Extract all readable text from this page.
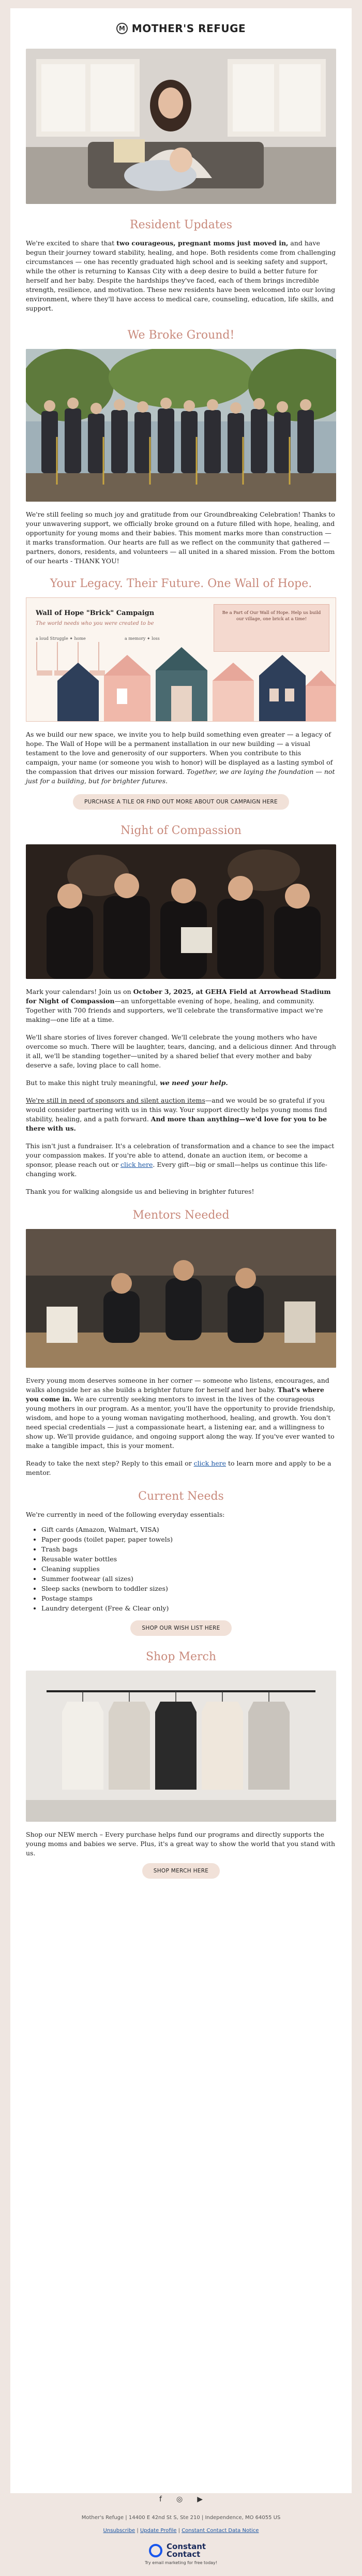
M MOTHER'S REFUGE
Resident Updates

We're excited to share that two courageous, pregnant moms just moved in, and have begun their journey toward stability, healing, and hope. Both residents come from challenging circumstances — one has recently graduated high school and is seeking safety and support, while the other is returning to Kansas City with a deep desire to build a better future for herself and her baby. Despite the hardships they've faced, each of them brings incredible strength, resilience, and motivation. These new residents have been welcomed into our loving environment, where they'll have access to medical care, counseling, education, life skills, and support.

We Broke Ground!

We're still feeling so much joy and gratitude from our Groundbreaking Celebration! Thanks to your unwavering support, we officially broke ground on a future filled with hope, healing, and opportunity for young moms and their babies. This moment marks more than construction — it marks transformation. Our hearts are full as we reflect on the community that gathered — partners, donors, residents, and volunteers — all united in a shared mission. From the bottom of our hearts - THANK YOU!

Your Legacy. Their Future. One Wall of Hope.
Wall of Hope "Brick" Campaign
The world needs who you were created to be
a loud Struggle ✦ home	a memory ✦ loss
Be a Part of Our Wall of Hope. Help us build our village, one brick at a time!

As we build our new space, we invite you to help build something even greater — a legacy of hope. The Wall of Hope will be a permanent installation in our new building — a visual testament to the love and generosity of our supporters. When you contribute to this campaign, your name (or someone you wish to honor) will be displayed as a lasting symbol of the compassion that drives our mission forward. Together, we are laying the foundation — not just for a building, but for brighter futures.

PURCHASE A TILE OR FIND OUT MORE ABOUT OUR CAMPAIGN HERE
Night of Compassion

Mark your calendars! Join us on October 3, 2025, at GEHA Field at Arrowhead Stadium for Night of Compassion—an unforgettable evening of hope, healing, and community. Together with 700 friends and supporters, we'll celebrate the transformative impact we're making—one life at a time.

We'll share stories of lives forever changed. We'll celebrate the young mothers who have overcome so much. There will be laughter, tears, dancing, and a delicious dinner. And through it all, we'll be standing together—united by a shared belief that every mother and baby deserve a safe, loving place to call home.

But to make this night truly meaningful, we need your help.

We're still in need of sponsors and silent auction items—and we would be so grateful if you would consider partnering with us in this way. Your support directly helps young moms find stability, healing, and a path forward. And more than anything—we'd love for you to be there with us.

This isn't just a fundraiser. It's a celebration of transformation and a chance to see the impact your compassion makes. If you're able to attend, donate an auction item, or become a sponsor, please reach out or click here. Every gift—big or small—helps us continue this life-changing work.

Thank you for walking alongside us and believing in brighter futures!

Mentors Needed

Every young mom deserves someone in her corner — someone who listens, encourages, and walks alongside her as she builds a brighter future for herself and her baby. That's where you come in. We are currently seeking mentors to invest in the lives of the courageous young mothers in our program. As a mentor, you'll have the opportunity to provide friendship, wisdom, and hope to a young woman navigating motherhood, healing, and growth. You don't need special credentials — just a compassionate heart, a listening ear, and a willingness to show up. We'll provide guidance, and ongoing support along the way. If you've ever wanted to make a tangible impact, this is your moment.

Ready to take the next step? Reply to this email or click here to learn more and apply to be a mentor.

Current Needs

We're currently in need of the following everyday essentials:

• Gift cards (Amazon, Walmart, VISA)
• Paper goods (toilet paper, paper towels)
• Trash bags
• Reusable water bottles
• Cleaning supplies
• Summer footwear (all sizes)
• Sleep sacks (newborn to toddler sizes)
• Postage stamps
• Laundry detergent (Free & Clear only)
SHOP OUR WISH LIST HERE
Shop Merch

Shop our NEW merch – Every purchase helps fund our programs and directly supports the young moms and babies we serve. Plus, it's a great way to show the world that you stand with us.

SHOP MERCH HERE
f ◎ ▶
Mother's Refuge | 14400 E 42nd St S, Ste 210 | Independence, MO 64055 US
Unsubscribe | Update Profile | Constant Contact Data Notice
Constant Contact
Try email marketing for free today!
